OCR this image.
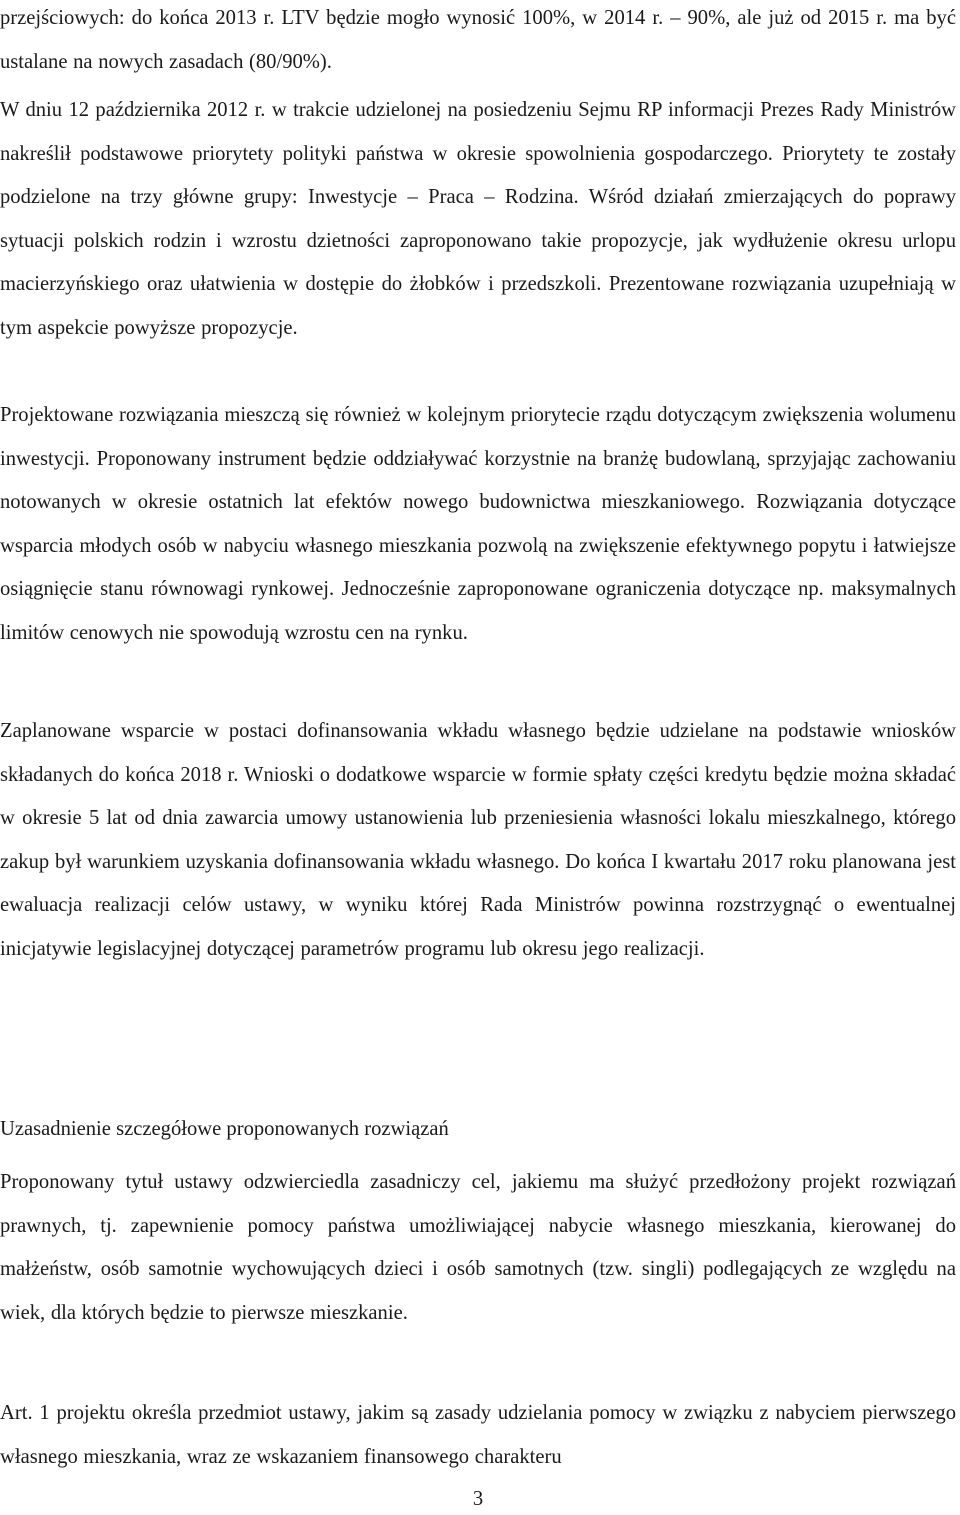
przejściowych: do końca 2013 r. LTV będzie mogło wynosić 100%, w 2014 r. – 90%, ale już od 2015 r. ma być ustalane na nowych zasadach (80/90%).

W dniu 12 października 2012 r. w trakcie udzielonej na posiedzeniu Sejmu RP informacji Prezes Rady Ministrów nakreślił podstawowe priorytety polityki państwa w okresie spowolnienia gospodarczego. Priorytety te zostały podzielone na trzy główne grupy: Inwestycje – Praca – Rodzina. Wśród działań zmierzających do poprawy sytuacji polskich rodzin i wzrostu dzietności zaproponowano takie propozycje, jak wydłużenie okresu urlopu macierzyńskiego oraz ułatwienia w dostępie do żłobków i przedszkoli. Prezentowane rozwiązania uzupełniają w tym aspekcie powyższe propozycje.

Projektowane rozwiązania mieszczą się również w kolejnym priorytecie rządu dotyczącym zwiększenia wolumenu inwestycji. Proponowany instrument będzie oddziaływać korzystnie na branżę budowlaną, sprzyjając zachowaniu notowanych w okresie ostatnich lat efektów nowego budownictwa mieszkaniowego. Rozwiązania dotyczące wsparcia młodych osób w nabyciu własnego mieszkania pozwolą na zwiększenie efektywnego popytu i łatwiejsze osiągnięcie stanu równowagi rynkowej. Jednocześnie zaproponowane ograniczenia dotyczące np. maksymalnych limitów cenowych nie spowodują wzrostu cen na rynku.

Zaplanowane wsparcie w postaci dofinansowania wkładu własnego będzie udzielane na podstawie wniosków składanych do końca 2018 r. Wnioski o dodatkowe wsparcie w formie spłaty części kredytu będzie można składać w okresie 5 lat od dnia zawarcia umowy ustanowienia lub przeniesienia własności lokalu mieszkalnego, którego zakup był warunkiem uzyskania dofinansowania wkładu własnego. Do końca I kwartału 2017 roku planowana jest ewaluacja realizacji celów ustawy, w wyniku której Rada Ministrów powinna rozstrzygnąć o ewentualnej inicjatywie legislacyjnej dotyczącej parametrów programu lub okresu jego realizacji.

Uzasadnienie szczegółowe proponowanych rozwiązań

Proponowany tytuł ustawy odzwierciedla zasadniczy cel, jakiemu ma służyć przedłożony projekt rozwiązań prawnych, tj. zapewnienie pomocy państwa umożliwiającej nabycie własnego mieszkania, kierowanej do małżeństw, osób samotnie wychowujących dzieci i osób samotnych (tzw. singli) podlegających ze względu na wiek, dla których będzie to pierwsze mieszkanie.

Art. 1 projektu określa przedmiot ustawy, jakim są zasady udzielania pomocy w związku z nabyciem pierwszego własnego mieszkania, wraz ze wskazaniem finansowego charakteru

3
